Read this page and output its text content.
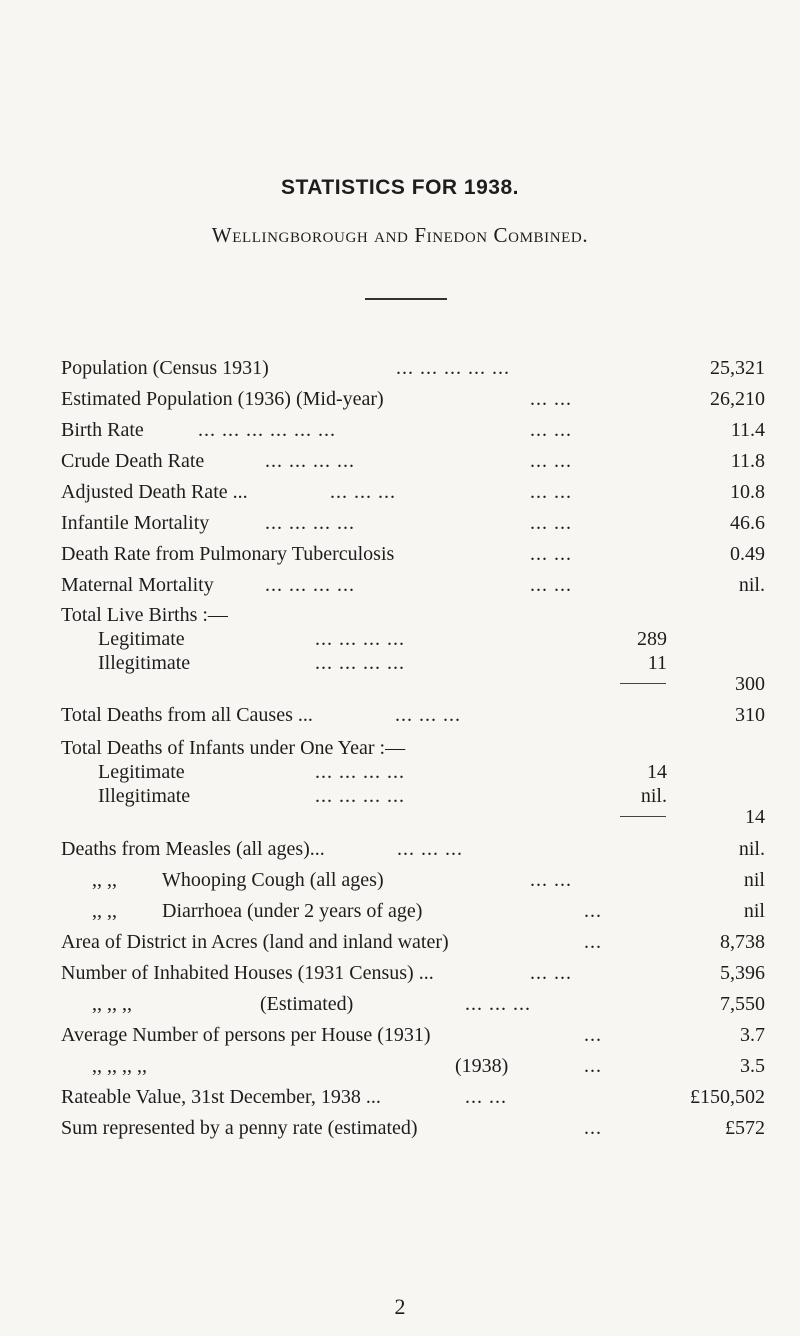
STATISTICS FOR 1938.
Wellingborough and Finedon Combined.
Population (Census 1931)	... ... ... ... ...	25,321
Estimated Population (1936) (Mid-year)	... ...	26,210
Birth Rate	... ... ... ... ... ...	... ...	11.4
Crude Death Rate	... ... ... ...	... ...	11.8
Adjusted Death Rate ...	... ... ...	... ...	10.8
Infantile Mortality	... ... ... ...	... ...	46.6
Death Rate from Pulmonary Tuberculosis	... ...	0.49
Maternal Mortality	... ... ... ...	... ...	nil.
Total Live Births :—
Legitimate	... ... ... ...	289
Illegitimate	... ... ... ...	11
300
Total Deaths from all Causes ...	... ... ...	310
Total Deaths of Infants under One Year :—
Legitimate	... ... ... ...	14
Illegitimate	... ... ... ...	nil.
14
Deaths from Measles (all ages)...	... ... ...	nil.
,, ,, Whooping Cough (all ages)	... ...	nil
,, ,, Diarrhoea (under 2 years of age)	...	nil
Area of District in Acres (land and inland water)	...	8,738
Number of Inhabited Houses (1931 Census) ...	... ...	5,396
,, ,, ,,	(Estimated)	... ... ...	7,550
Average Number of persons per House (1931)	...	3.7
,, ,, ,, ,,	(1938)	...	3.5
Rateable Value, 31st December, 1938 ...	... ...	£150,502
Sum represented by a penny rate (estimated)	...	£572
2
